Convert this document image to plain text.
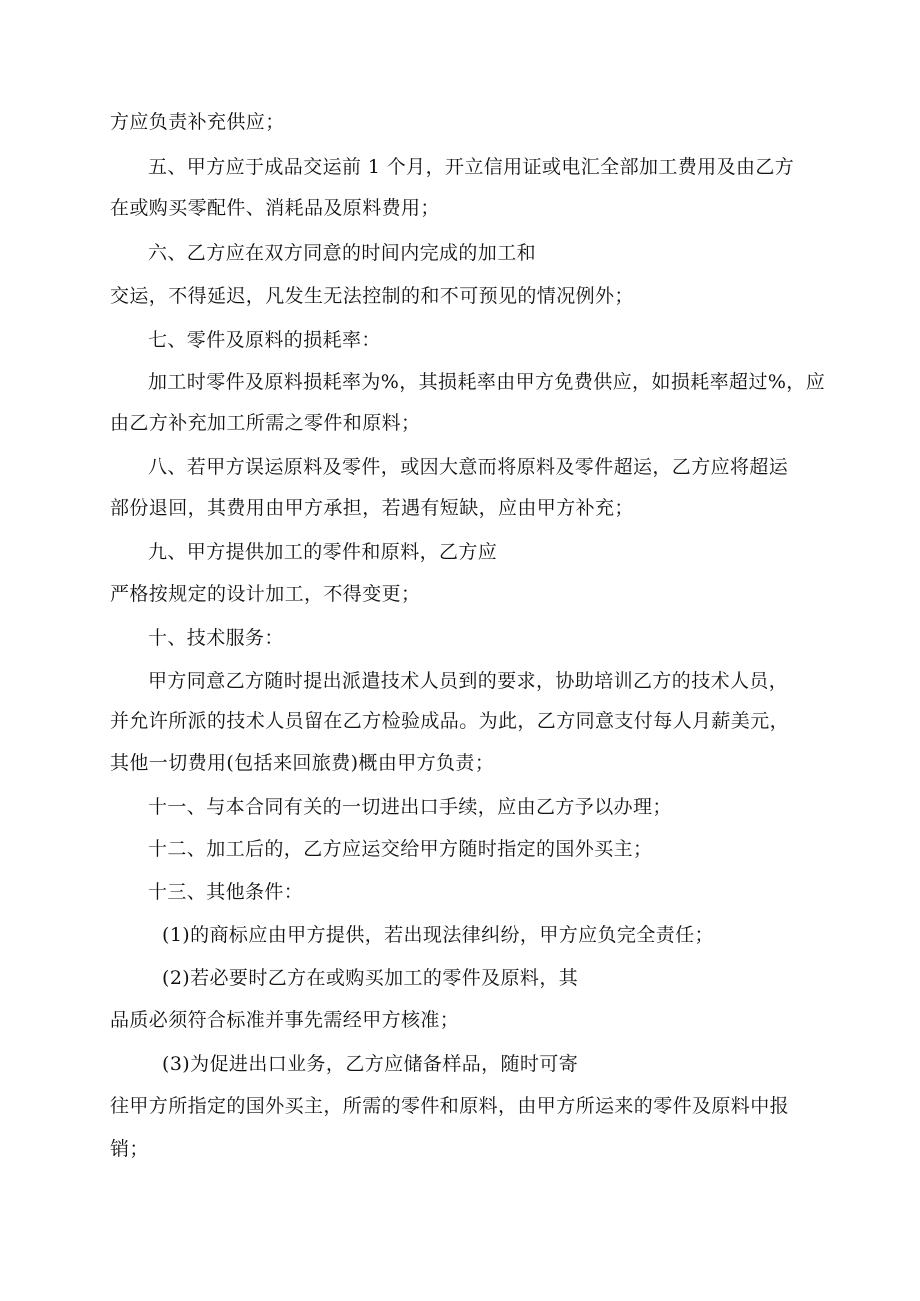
方应负责补充供应；
五、甲方应于成品交运前 1 个月，开立信用证或电汇全部加工费用及由乙方
在或购买零配件、消耗品及原料费用；
六、乙方应在双方同意的时间内完成的加工和
交运，不得延迟，凡发生无法控制的和不可预见的情况例外；
七、零件及原料的损耗率：
加工时零件及原料损耗率为%，其损耗率由甲方免费供应，如损耗率超过%，应
由乙方补充加工所需之零件和原料；
八、若甲方误运原料及零件，或因大意而将原料及零件超运，乙方应将超运
部份退回，其费用由甲方承担，若遇有短缺，应由甲方补充；
九、甲方提供加工的零件和原料，乙方应
严格按规定的设计加工，不得变更；
十、技术服务：
甲方同意乙方随时提出派遣技术人员到的要求，协助培训乙方的技术人员，
并允许所派的技术人员留在乙方检验成品。为此，乙方同意支付每人月薪美元，
其他一切费用(包括来回旅费)概由甲方负责；
十一、与本合同有关的一切进出口手续，应由乙方予以办理；
十二、加工后的，乙方应运交给甲方随时指定的国外买主；
十三、其他条件：
(1)的商标应由甲方提供，若出现法律纠纷，甲方应负完全责任；
(2)若必要时乙方在或购买加工的零件及原料，其
品质必须符合标准并事先需经甲方核准；
(3)为促进出口业务，乙方应储备样品，随时可寄
往甲方所指定的国外买主，所需的零件和原料，由甲方所运来的零件及原料中报
销；
